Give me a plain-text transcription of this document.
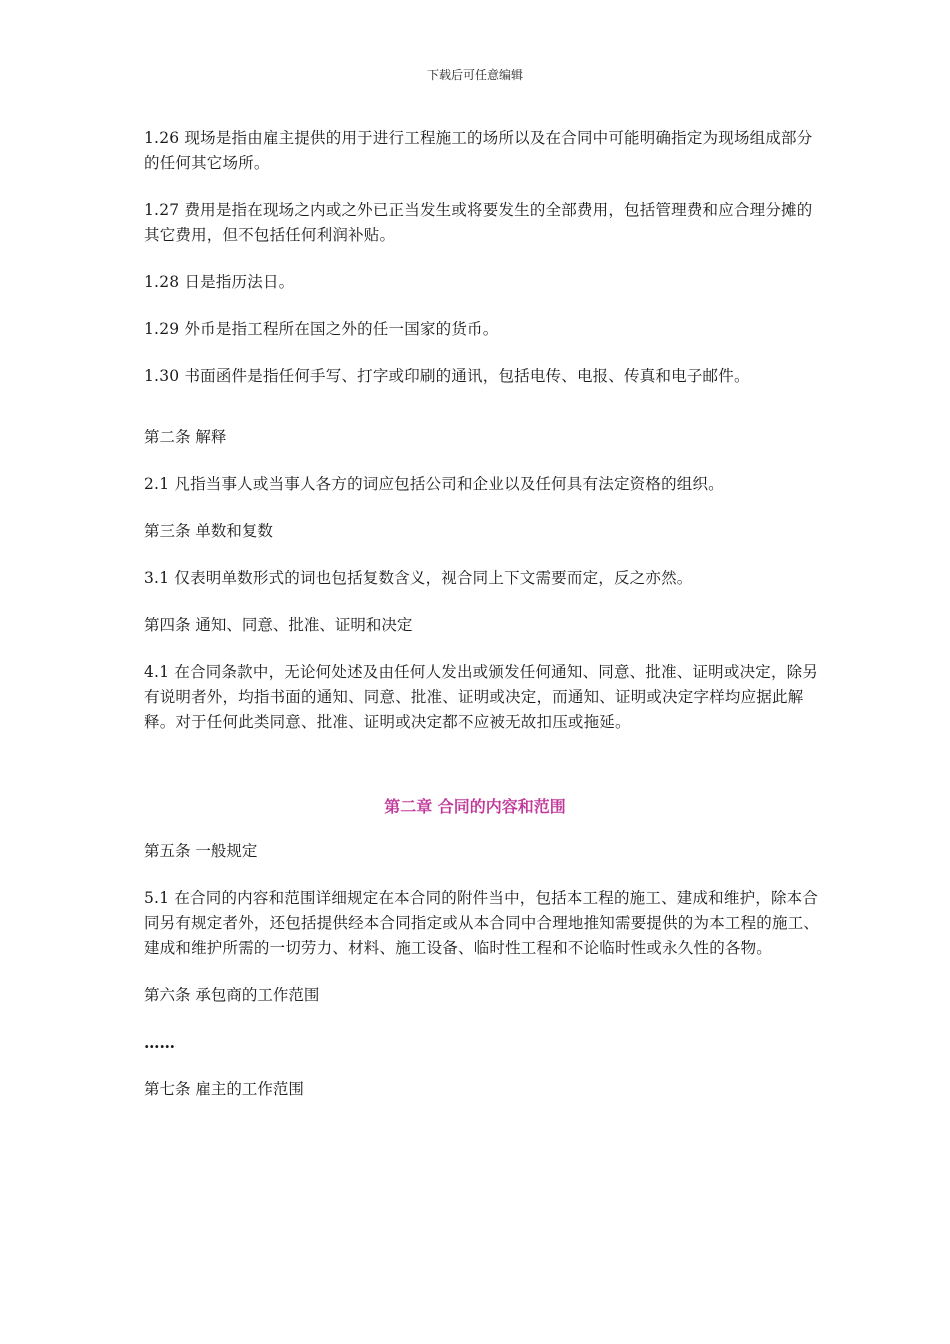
下载后可任意编辑

1.26 现场是指由雇主提供的用于进行工程施工的场所以及在合同中可能明确指定为现场组成部分的任何其它场所。

1.27 费用是指在现场之内或之外已正当发生或将要发生的全部费用，包括管理费和应合理分摊的其它费用，但不包括任何利润补贴。

1.28 日是指历法日。

1.29 外币是指工程所在国之外的任一国家的货币。

1.30 书面函件是指任何手写、打字或印刷的通讯，包括电传、电报、传真和电子邮件。

第二条 解释

2.1 凡指当事人或当事人各方的词应包括公司和企业以及任何具有法定资格的组织。

第三条 单数和复数

3.1 仅表明单数形式的词也包括复数含义，视合同上下文需要而定，反之亦然。

第四条 通知、同意、批准、证明和决定

4.1 在合同条款中，无论何处述及由任何人发出或颁发任何通知、同意、批准、证明或决定，除另有说明者外，均指书面的通知、同意、批准、证明或决定，而通知、证明或决定字样均应据此解释。对于任何此类同意、批准、证明或决定都不应被无故扣压或拖延。

第二章 合同的内容和范围

第五条 一般规定

5.1 在合同的内容和范围详细规定在本合同的附件当中，包括本工程的施工、建成和维护，除本合同另有规定者外，还包括提供经本合同指定或从本合同中合理地推知需要提供的为本工程的施工、建成和维护所需的一切劳力、材料、施工设备、临时性工程和不论临时性或永久性的各物。

第六条 承包商的工作范围

……

第七条 雇主的工作范围
